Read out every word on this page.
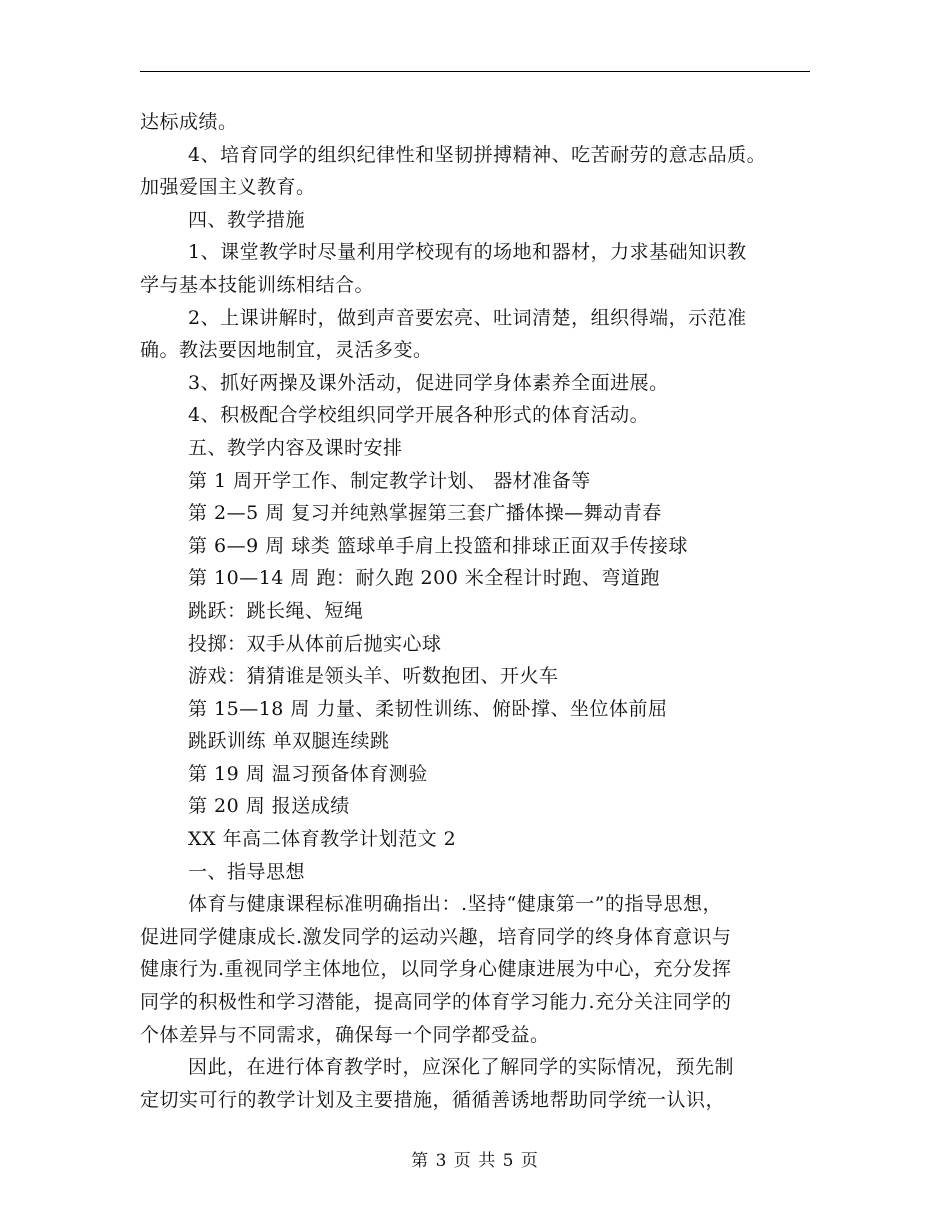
达标成绩。
4、培育同学的组织纪律性和坚韧拼搏精神、吃苦耐劳的意志品质。
加强爱国主义教育。
四、教学措施
1、课堂教学时尽量利用学校现有的场地和器材，力求基础知识教
学与基本技能训练相结合。
2、上课讲解时，做到声音要宏亮、吐词清楚，组织得端，示范准
确。教法要因地制宜，灵活多变。
3、抓好两操及课外活动，促进同学身体素养全面进展。
4、积极配合学校组织同学开展各种形式的体育活动。
五、教学内容及课时安排
第 1 周开学工作、制定教学计划、 器材准备等
第 2—5 周 复习并纯熟掌握第三套广播体操—舞动青春
第 6—9 周 球类 篮球单手肩上投篮和排球正面双手传接球
第 10—14 周 跑：耐久跑 200 米全程计时跑、弯道跑
跳跃：跳长绳、短绳
投掷：双手从体前后抛实心球
游戏：猜猜谁是领头羊、听数抱团、开火车
第 15—18 周 力量、柔韧性训练、俯卧撑、坐位体前屈
跳跃训练 单双腿连续跳
第 19 周 温习预备体育测验
第 20 周 报送成绩
XX 年高二体育教学计划范文 2
一、指导思想
体育与健康课程标准明确指出：.坚持“健康第一”的指导思想，
促进同学健康成长.激发同学的运动兴趣，培育同学的终身体育意识与
健康行为.重视同学主体地位，以同学身心健康进展为中心，充分发挥
同学的积极性和学习潜能，提高同学的体育学习能力.充分关注同学的
个体差异与不同需求，确保每一个同学都受益。
因此，在进行体育教学时，应深化了解同学的实际情况，预先制
定切实可行的教学计划及主要措施，循循善诱地帮助同学统一认识，
第 3 页 共 5 页
